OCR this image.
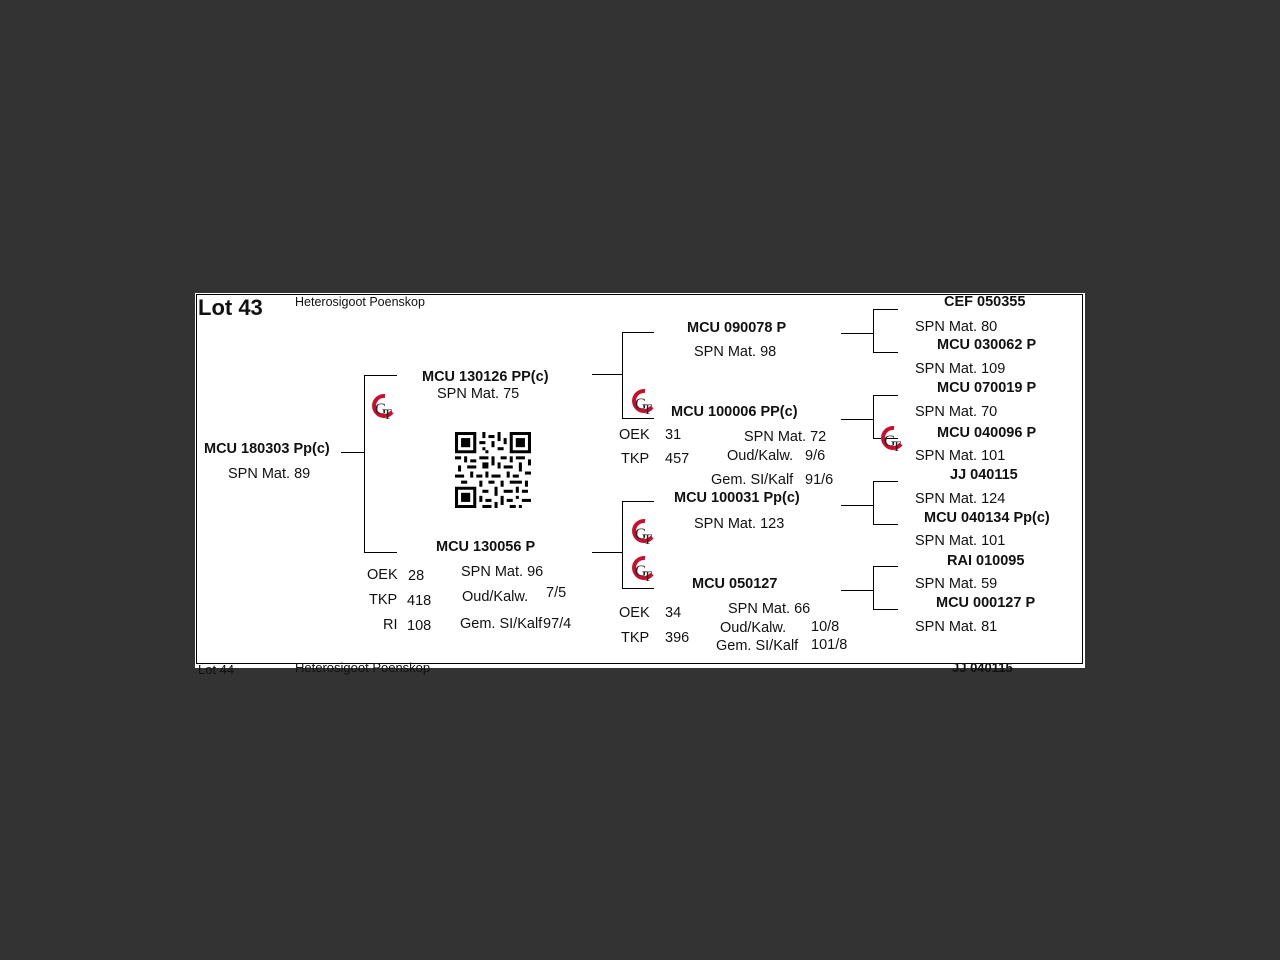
Lot 43	Heterosigoot Poenskop
MCU 180303 Pp(c)
SPN Mat. 89
G
T
MCU 130126 PP(c)
SPN Mat. 75
MCU 130056 P
OEK 28	SPN Mat. 96
TKP 418 Oud/Kalw. 7/5
RI 108 Gem. SI/Kalf 97/4
G
T
G
T
G
T
MCU 090078 P
SPN Mat. 98
MCU 100006 PP(c)
OEK 31	SPN Mat. 72
TKP 457	Oud/Kalw. 9/6
Gem. SI/Kalf 91/6
MCU 100031 Pp(c)
SPN Mat. 123
MCU 050127
OEK 34	SPN Mat. 66
TKP 396
Oud/Kalw. 10/8
Gem. SI/Kalf 101/8
G
T
CEF 050355
SPN Mat. 80
MCU 030062 P
SPN Mat. 109
MCU 070019 P
SPN Mat. 70
MCU 040096 P
SPN Mat. 101
JJ 040115
SPN Mat. 124
MCU 040134 Pp(c)
SPN Mat. 101
RAI 010095
SPN Mat. 59
MCU 000127 P
SPN Mat. 81
Lot 44	Heterosigoot Poenskop	JJ 040115
